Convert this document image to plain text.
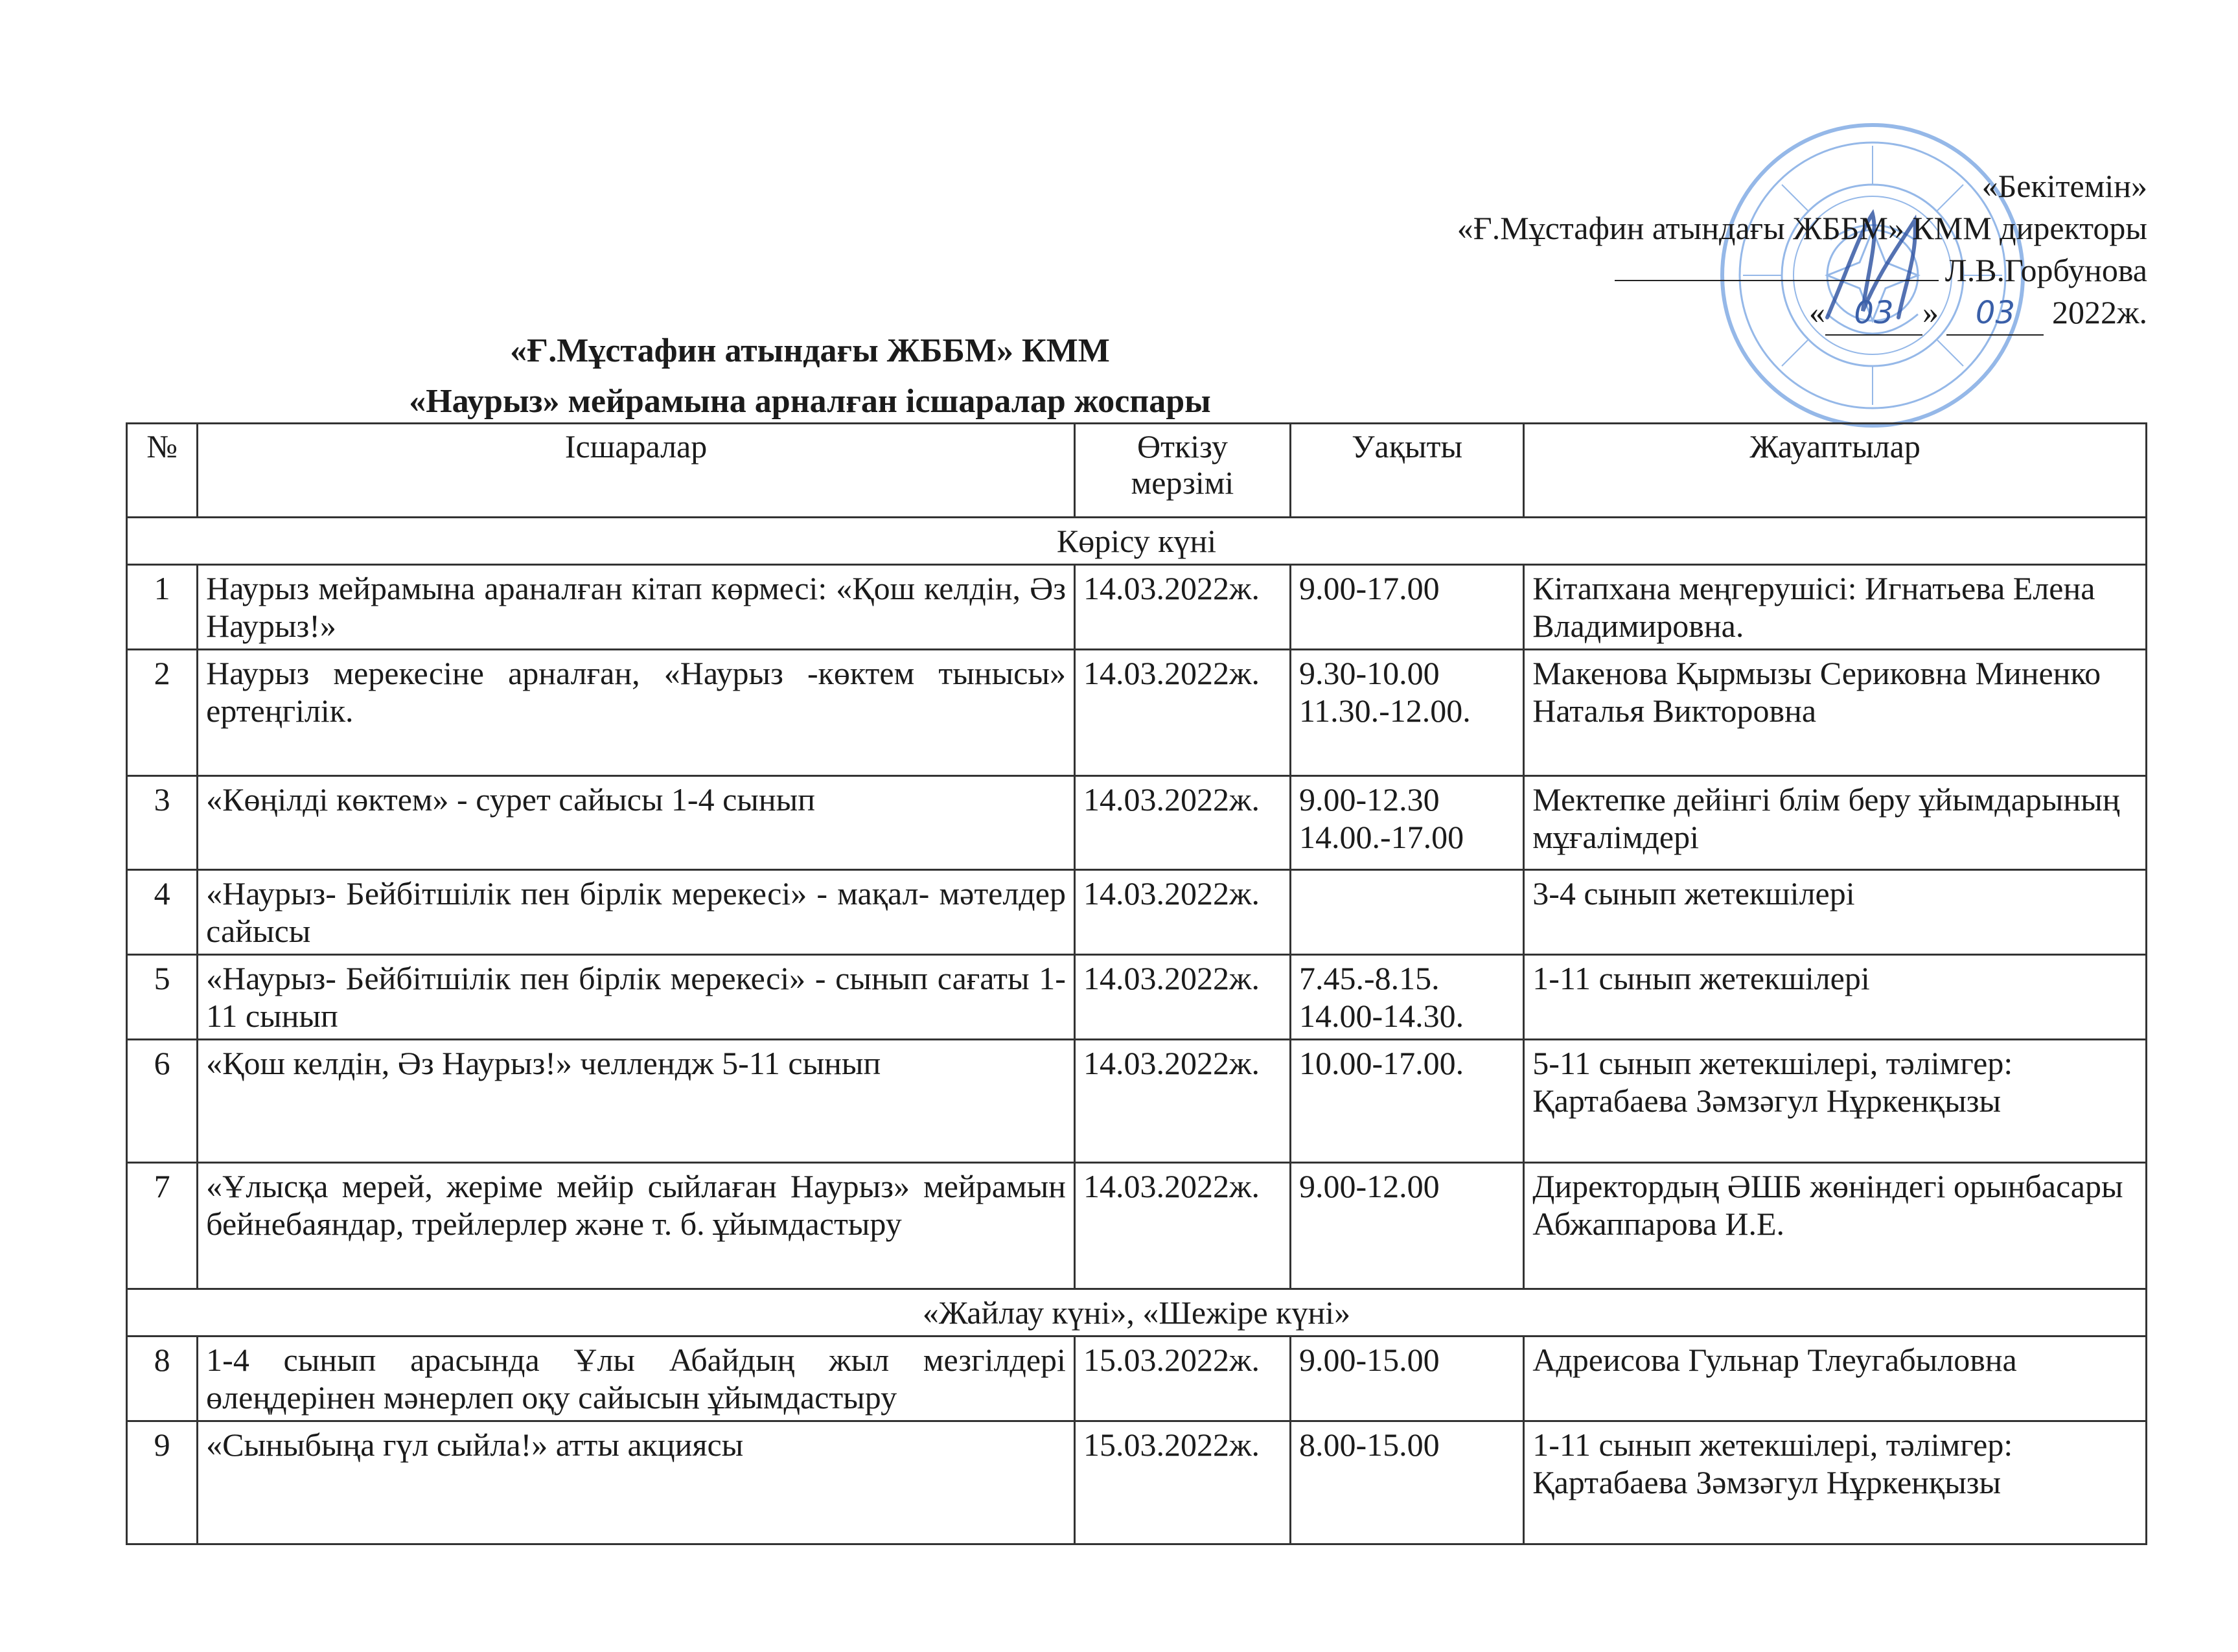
«Бекітемін»
«Ғ.Мұстафин атындағы ЖББМ» КММ директоры
Л.В.Горбунова
« 03 » 03 2022ж.
«Ғ.Мұстафин атындағы ЖББМ» КММ
«Наурыз» мейрамына арналған ісшаралар жоспары
№	Ісшаралар	Өткізу мерзімі	Уақыты	Жауаптылар
Көрісу күні				
1	Наурыз мейрамына араналған кітап көрмесі: «Қош келдін, Әз Наурыз!»	14.03.2022ж.	9.00-17.00	Кітапхана меңгерушісі: Игнатьева Елена Владимировна.
2	Наурыз мерекесіне арналған, «Наурыз -көктем тынысы» ертеңгілік.	14.03.2022ж.	9.30-10.00 11.30.-12.00.	Макенова Қырмызы Сериковна Миненко Наталья Викторовна
3	«Көңілді көктем» - сурет сайысы 1-4 сынып	14.03.2022ж.	9.00-12.30 14.00.-17.00	Мектепке дейінгі блім беру ұйымдарының мұғалімдері
4	«Наурыз- Бейбітшілік пен бірлік мерекесі» - мақал- мәтелдер сайысы	14.03.2022ж.		3-4 сынып жетекшілері
5	«Наурыз- Бейбітшілік пен бірлік мерекесі» - сынып сағаты 1-11 сынып	14.03.2022ж.	7.45.-8.15. 14.00-14.30.	1-11 сынып жетекшілері
6	«Қош келдін, Әз Наурыз!» челлендж 5-11 сынып	14.03.2022ж.	10.00-17.00.	5-11 сынып жетекшілері, тәлімгер: Қартабаева Зәмзәгул Нұркенқызы
7	«Ұлысқа мерей, жеріме мейір сыйлаған Наурыз» мейрамын бейнебаяндар, трейлерлер және т. б. ұйымдастыру	14.03.2022ж.	9.00-12.00	Директордың ӘШБ жөніндегі орынбасары Абжаппарова И.Е.
«Жайлау күні», «Шежіре күні»				
8	1-4 сынып арасында Ұлы Абайдың жыл мезгілдері өлеңдерінен мәнерлеп оқу сайысын ұйымдастыру	15.03.2022ж.	9.00-15.00	Адреисова Гульнар Тлеугабыловна
9	«Сыныбыңа гүл сыйла!» атты акциясы	15.03.2022ж.	8.00-15.00	1-11 сынып жетекшілері, тәлімгер: Қартабаева Зәмзәгул Нұркенқызы
